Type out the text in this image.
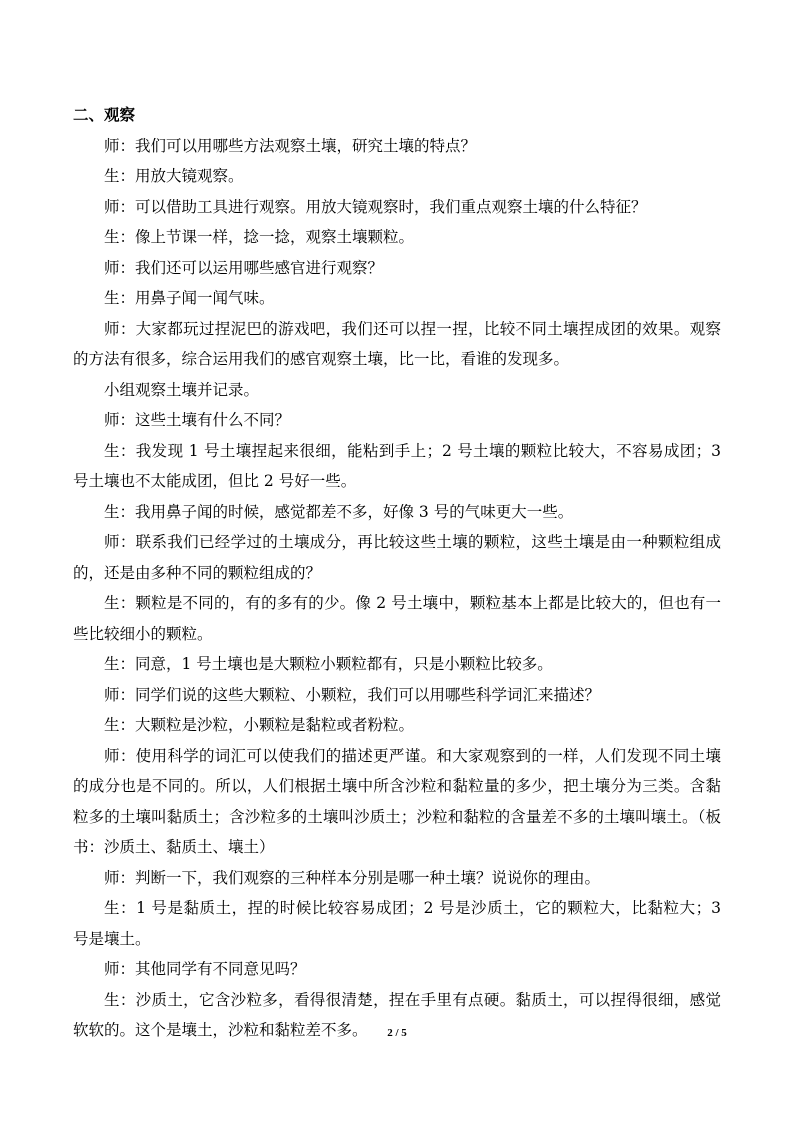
二、观察

师：我们可以用哪些方法观察土壤，研究土壤的特点？

生：用放大镜观察。

师：可以借助工具进行观察。用放大镜观察时，我们重点观察土壤的什么特征？

生：像上节课一样，捻一捻，观察土壤颗粒。

师：我们还可以运用哪些感官进行观察？

生：用鼻子闻一闻气味。

师：大家都玩过捏泥巴的游戏吧，我们还可以捏一捏，比较不同土壤捏成团的效果。观察的方法有很多，综合运用我们的感官观察土壤，比一比，看谁的发现多。

小组观察土壤并记录。

师：这些土壤有什么不同？

生：我发现 1 号土壤捏起来很细，能粘到手上；2 号土壤的颗粒比较大，不容易成团；3 号土壤也不太能成团，但比 2 号好一些。

生：我用鼻子闻的时候，感觉都差不多，好像 3 号的气味更大一些。

师：联系我们已经学过的土壤成分，再比较这些土壤的颗粒，这些土壤是由一种颗粒组成的，还是由多种不同的颗粒组成的？

生：颗粒是不同的，有的多有的少。像 2 号土壤中，颗粒基本上都是比较大的，但也有一些比较细小的颗粒。

生：同意，1 号土壤也是大颗粒小颗粒都有，只是小颗粒比较多。

师：同学们说的这些大颗粒、小颗粒，我们可以用哪些科学词汇来描述？

生：大颗粒是沙粒，小颗粒是黏粒或者粉粒。

师：使用科学的词汇可以使我们的描述更严谨。和大家观察到的一样，人们发现不同土壤的成分也是不同的。所以，人们根据土壤中所含沙粒和黏粒量的多少，把土壤分为三类。含黏粒多的土壤叫黏质土；含沙粒多的土壤叫沙质土；沙粒和黏粒的含量差不多的土壤叫壤土。（板书：沙质土、黏质土、壤土）

师：判断一下，我们观察的三种样本分别是哪一种土壤？说说你的理由。

生：1 号是黏质土，捏的时候比较容易成团；2 号是沙质土，它的颗粒大，比黏粒大；3 号是壤土。

师：其他同学有不同意见吗？

生：沙质土，它含沙粒多，看得很清楚，捏在手里有点硬。黏质土，可以捏得很细，感觉软软的。这个是壤土，沙粒和黏粒差不多。	2 / 5
